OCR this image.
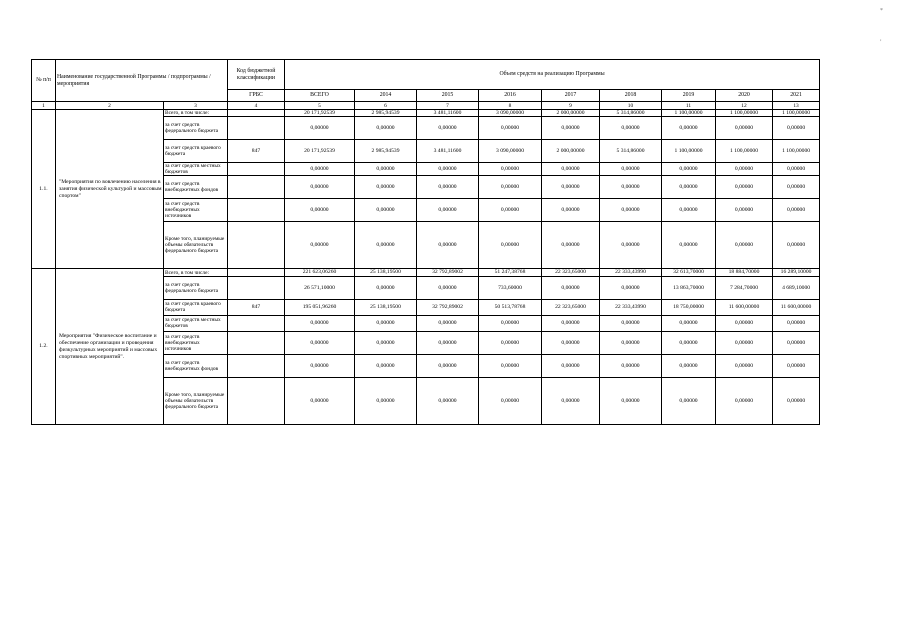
*
,
№ п/п	Наименование государственной Программы / подпрограммы / мероприятия		Код бюджетной классификации	Объем средств на реализацию Программы								
			ГРБС	ВСЕГО	2014	2015	2016	2017	2018	2019	2020	2021
1	2	3	4	5	6	7	8	9	10	11	12	13
1.1.	"Мероприятия по вовлечению населения в занятия физической культурой и массовым спортом"	Всего, в том числе:		20 171,92539	2 985,94539	3 481,11600	3 090,00000	2 000,00000	5 314,86000	1 100,00000	1 100,00000	1 100,00000
		за счет средств федерального бюджета		0,00000	0,00000	0,00000	0,00000	0,00000	0,00000	0,00000	0,00000	0,00000
		за счет средств краевого бюджета	847	20 171,92539	2 985,94539	3 481,11600	3 090,00000	2 000,00000	5 314,86000	1 100,00000	1 100,00000	1 100,00000
		за счет средств местных бюджетов		0,00000	0,00000	0,00000	0,00000	0,00000	0,00000	0,00000	0,00000	0,00000
		за счет средств внебюджетных фондов		0,00000	0,00000	0,00000	0,00000	0,00000	0,00000	0,00000	0,00000	0,00000
		за счет средств внебюджетных источников		0,00000	0,00000	0,00000	0,00000	0,00000	0,00000	0,00000	0,00000	0,00000
		Кроме того, планируемые объемы обязательств федерального бюджета		0,00000	0,00000	0,00000	0,00000	0,00000	0,00000	0,00000	0,00000	0,00000
1.2.	Мероприятия "Физическое воспитание и обеспечение организации и проведения физкультурных мероприятий и массовых спортивных мероприятий".	Всего, в том числе:		221 623,06260	25 138,19500	32 792,89002	51 247,38768	22 323,65000	22 333,43990	32 613,70000	18 884,70000	16 289,10000
		за счет средств федерального бюджета		26 571,10000	0,00000	0,00000	733,60000	0,00000	0,00000	13 863,70000	7 284,70000	4 689,10000
		за счет средств краевого бюджета	847	195 051,96260	25 138,19500	32 792,89002	50 513,78768	22 323,65000	22 333,43990	18 750,00000	11 600,00000	11 600,00000
		за счет средств местных бюджетов		0,00000	0,00000	0,00000	0,00000	0,00000	0,00000	0,00000	0,00000	0,00000
		за счет средств внебюджетных источников		0,00000	0,00000	0,00000	0,00000	0,00000	0,00000	0,00000	0,00000	0,00000
		за счет средств внебюджетных фондов		0,00000	0,00000	0,00000	0,00000	0,00000	0,00000	0,00000	0,00000	0,00000
		Кроме того, планируемые объемы обязательств федерального бюджета		0,00000	0,00000	0,00000	0,00000	0,00000	0,00000	0,00000	0,00000	0,00000
